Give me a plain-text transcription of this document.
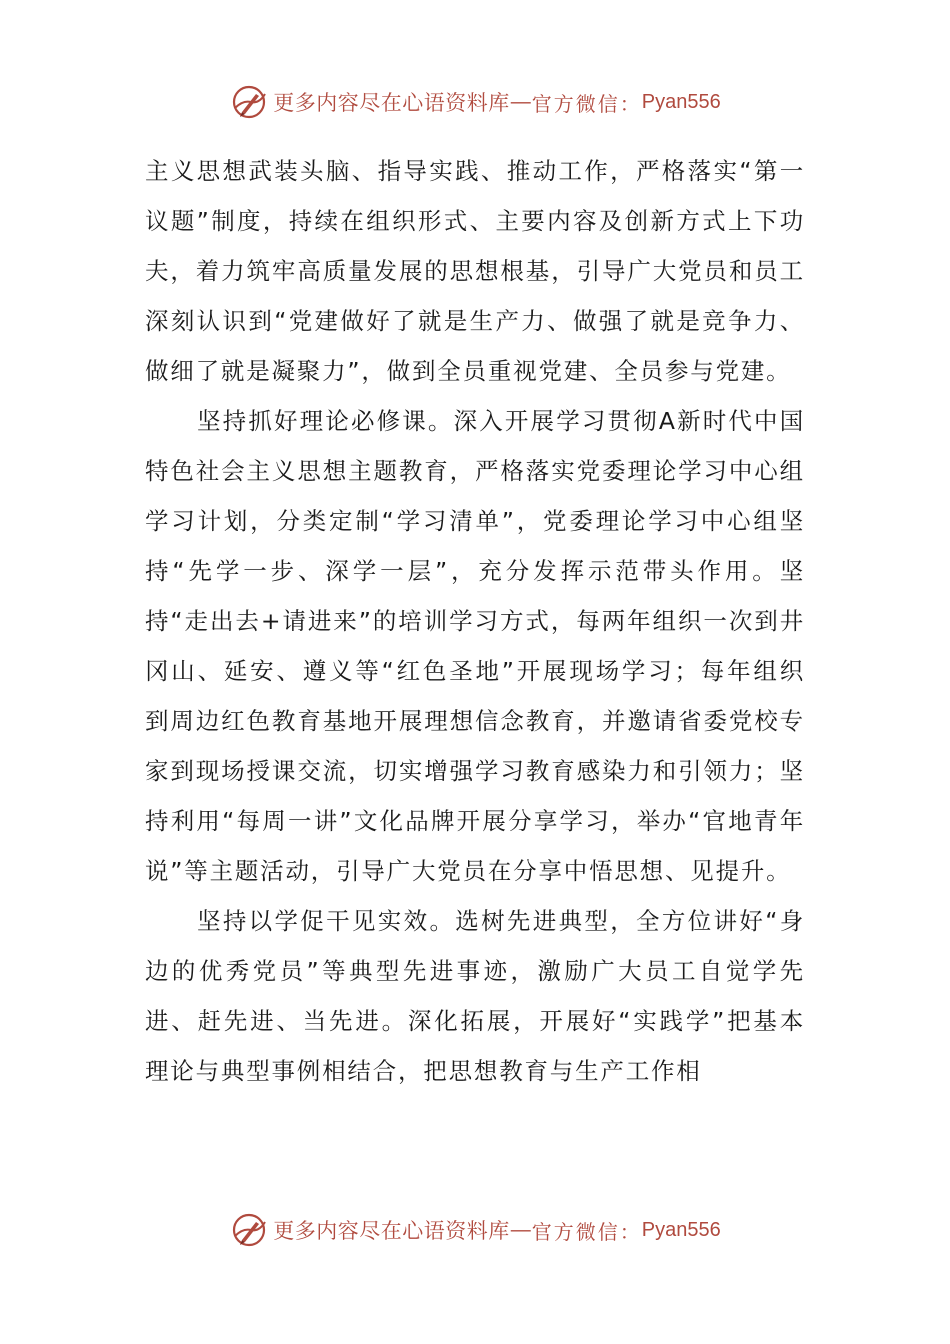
更多内容尽在心语资料库 — 官方微信： Pyan556

主义思想武装头脑、指导实践、推动工作，严格落实“第一议题”制度，持续在组织形式、主要内容及创新方式上下功夫，着力筑牢高质量发展的思想根基，引导广大党员和员工深刻认识到“党建做好了就是生产力、做强了就是竞争力、做细了就是凝聚力”，做到全员重视党建、全员参与党建。

坚持抓好理论必修课。深入开展学习贯彻A新时代中国特色社会主义思想主题教育，严格落实党委理论学习中心组学习计划，分类定制“学习清单”，党委理论学习中心组坚持“先学一步、深学一层”，充分发挥示范带头作用。坚持“走出去+请进来”的培训学习方式，每两年组织一次到井冈山、延安、遵义等“红色圣地”开展现场学习；每年组织到周边红色教育基地开展理想信念教育，并邀请省委党校专家到现场授课交流，切实增强学习教育感染力和引领力；坚持利用“每周一讲”文化品牌开展分享学习，举办“官地青年说”等主题活动，引导广大党员在分享中悟思想、见提升。

坚持以学促干见实效。选树先进典型，全方位讲好“身边的优秀党员”等典型先进事迹，激励广大员工自觉学先进、赶先进、当先进。深化拓展，开展好“实践学”把基本理论与典型事例相结合，把思想教育与生产工作相

更多内容尽在心语资料库 — 官方微信： Pyan556
